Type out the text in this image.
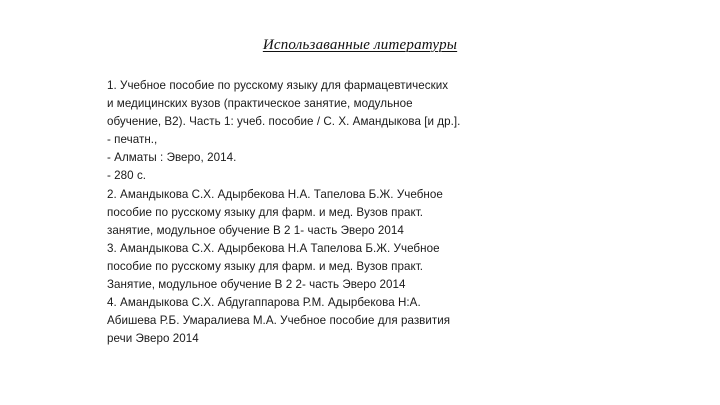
Использаванные литературы
1. Учебное пособие по русскому языку для фармацевтических
и медицинских вузов (практическое занятие, модульное
обучение, В2). Часть 1: учеб. пособие / С. Х. Амандыкова [и др.].
- печатн.,
- Алматы : Эверо, 2014.
- 280 с.
2. Амандыкова С.Х. Адырбекова Н.А. Тапелова Б.Ж. Учебное
пособие по русскому языку для фарм. и мед. Вузов практ.
занятие, модульное обучение В 2 1- часть Эверо 2014
3. Амандыкова С.Х. Адырбекова Н.А Тапелова Б.Ж. Учебное
пособие по русскому языку для фарм. и мед. Вузов практ.
Занятие, модульное обучение В 2 2- часть Эверо 2014
4. Амандыкова С.Х. Абдугаппарова Р.М. Адырбекова Н:А.
Абишева Р.Б. Умаралиева М.А. Учебное пособие для развития
речи Эверо 2014
